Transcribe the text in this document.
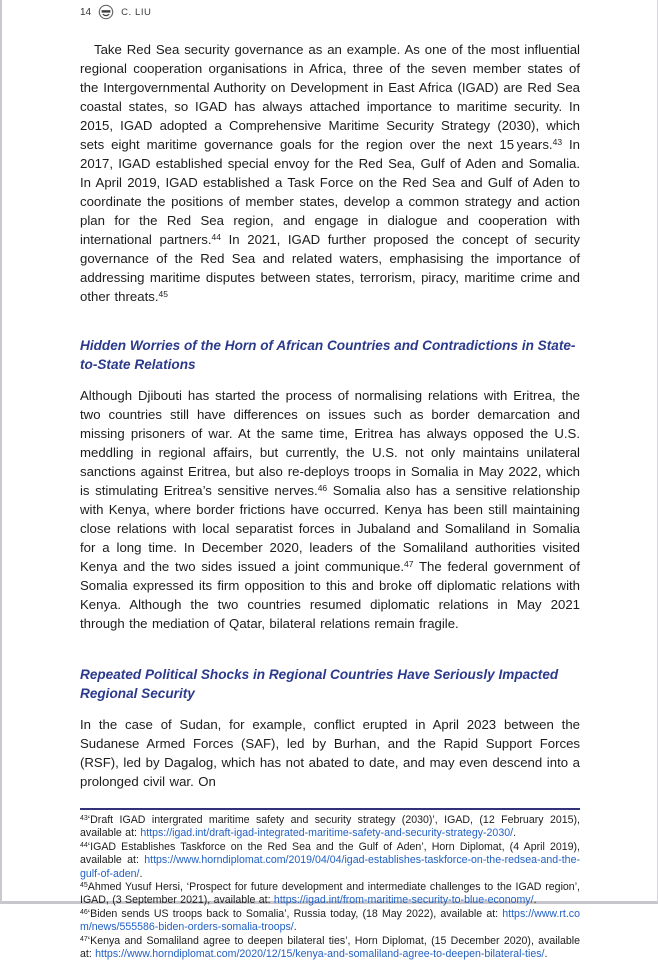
14	C. LIU

Take Red Sea security governance as an example. As one of the most influential regional cooperation organisations in Africa, three of the seven member states of the Intergovernmental Authority on Development in East Africa (IGAD) are Red Sea coastal states, so IGAD has always attached importance to maritime security. In 2015, IGAD adopted a Comprehensive Maritime Security Strategy (2030), which sets eight maritime governance goals for the region over the next 15 years.$^{43}$ In 2017, IGAD established special envoy for the Red Sea, Gulf of Aden and Somalia. In April 2019, IGAD established a Task Force on the Red Sea and Gulf of Aden to coordinate the positions of member states, develop a common strategy and action plan for the Red Sea region, and engage in dialogue and cooperation with international partners.$^{44}$ In 2021, IGAD further proposed the concept of security governance of the Red Sea and related waters, emphasising the importance of addressing maritime disputes between states, terrorism, piracy, maritime crime and other threats.$^{45}$

Hidden Worries of the Horn of African Countries and Contradictions in State-to-State Relations

Although Djibouti has started the process of normalising relations with Eritrea, the two countries still have differences on issues such as border demarcation and missing prisoners of war. At the same time, Eritrea has always opposed the U.S. meddling in regional affairs, but currently, the U.S. not only maintains unilateral sanctions against Eritrea, but also re-deploys troops in Somalia in May 2022, which is stimulating Eritrea’s sensitive nerves.$^{46}$ Somalia also has a sensitive relationship with Kenya, where border frictions have occurred. Kenya has been still maintaining close relations with local separatist forces in Jubaland and Somaliland in Somalia for a long time. In December 2020, leaders of the Somaliland authorities visited Kenya and the two sides issued a joint communique.$^{47}$ The federal government of Somalia expressed its firm opposition to this and broke off diplomatic relations with Kenya. Although the two countries resumed diplomatic relations in May 2021 through the mediation of Qatar, bilateral relations remain fragile.

Repeated Political Shocks in Regional Countries Have Seriously Impacted Regional Security

In the case of Sudan, for example, conflict erupted in April 2023 between the Sudanese Armed Forces (SAF), led by Burhan, and the Rapid Support Forces (RSF), led by Dagalog, which has not abated to date, and may even descend into a prolonged civil war. On

$^{43}$‘Draft IGAD intergrated maritime safety and security strategy (2030)’, IGAD, (12 February 2015), available at: https://igad.int/draft-igad-integrated-maritime-safety-and-security-strategy-2030/.
$^{44}$‘IGAD Establishes Taskforce on the Red Sea and the Gulf of Aden’, Horn Diplomat, (4 April 2019), available at: https://www.horndiplomat.com/2019/04/04/igad-establishes-taskforce-on-the-redsea-and-the-gulf-of-aden/.
$^{45}$Ahmed Yusuf Hersi, ‘Prospect for future development and intermediate challenges to the IGAD region’, IGAD, (3 September 2021), available at: https://igad.int/from-maritime-security-to-blue-economy/.
$^{46}$‘Biden sends US troops back to Somalia’, Russia today, (18 May 2022), available at: https://www.rt.com/news/555586-biden-orders-somalia-troops/.
$^{47}$‘Kenya and Somaliland agree to deepen bilateral ties’, Horn Diplomat, (15 December 2020), available at: https://www.horndiplomat.com/2020/12/15/kenya-and-somaliland-agree-to-deepen-bilateral-ties/.
